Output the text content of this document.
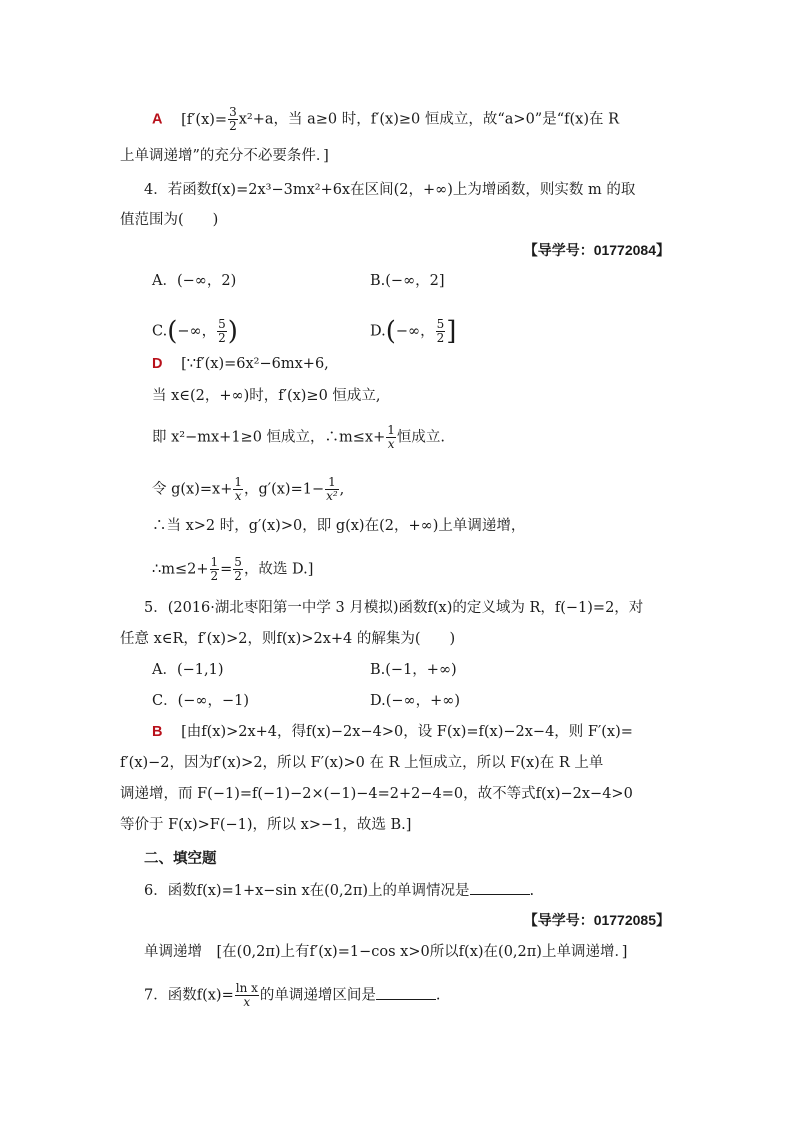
A [$f'(x)= \frac{3}{2} x^2+a$，当 a≥0 时，f′(x)≥0 恒成立，故“a>0”是“f(x)在 R
上单调递增”的充分不必要条件．]
4．若函数f(x)=2x³−3mx²+6x在区间(2，+∞)上为增函数，则实数 m 的取
值范围为(　　)
【导学号：01772084】
A．(−∞，2)	B.(−∞，2]
C.(−∞， $\frac{5}{2}$ )	D.(−∞， $\frac{5}{2}$ ]
D [∵f′(x)=6x²−6mx+6,
当 x∈(2，+∞)时，f′(x)≥0 恒成立,
即 x²−mx+1≥0 恒成立，∴m≤x+ $\frac{1}{x}$ 恒成立.
令 $g(x)=x+ \frac{1}{x}$ ，$g'(x)=1- \frac{1}{\text{x²}}$ ,
∴当 x>2 时，g′(x)>0，即 g(x)在(2，+∞)上单调递增，
∴m≤2+ $\frac{1}{2} = \frac{5}{2}$ ，故选 D.]
5．(2016·湖北枣阳第一中学 3 月模拟)函数f(x)的定义域为 R，f(−1)=2，对
任意 x∈R，f′(x)>2，则f(x)>2x+4 的解集为(　　)
A．(−1,1)	B.(−1，+∞)
C．(−∞，−1)	D.(−∞，+∞)
B [由f(x)>2x+4，得f(x)−2x−4>0，设 F(x)=f(x)−2x−4，则 F′(x)=
f′(x)−2，因为f′(x)>2，所以 F′(x)>0 在 R 上恒成立，所以 F(x)在 R 上单
调递增，而 F(−1)=f(−1)−2×(−1)−4=2+2−4=0，故不等式f(x)−2x−4>0
等价于 F(x)>F(−1)，所以 x>−1，故选 B.]
二、填空题
6．函数f(x)=1+x−sin x在(0,2π)上的单调情况是	.
【导学号：01772085】
单调递增　[在(0,2π)上有f′(x)=1−cos x>0所以f(x)在(0,2π)上单调递增．]
7．函数$f(x)= \frac{\text{ln x}}{x}$ 的单调递增区间是	.
